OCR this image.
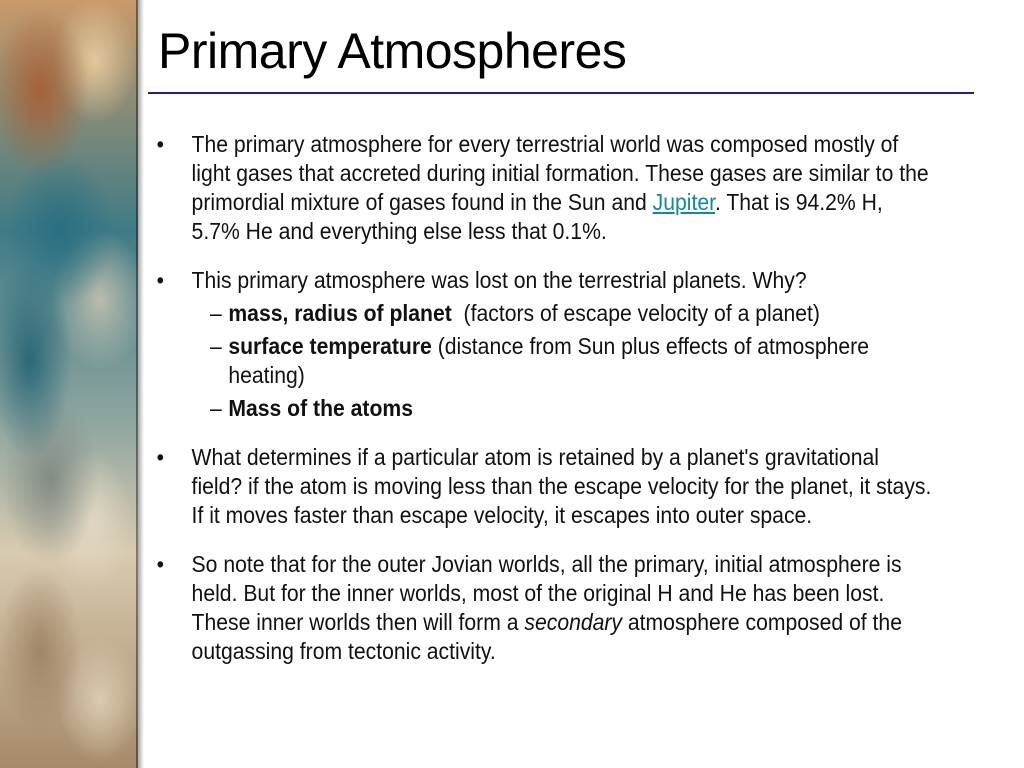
Primary Atmospheres
•	The primary atmosphere for every terrestrial world was composed mostly of light gases that accreted during initial formation. These gases are similar to the primordial mixture of gases found in the Sun and Jupiter. That is 94.2% H, 5.7% He and everything else less that 0.1%.
•	This primary atmosphere was lost on the terrestrial planets. Why?
– mass, radius of planet  (factors of escape velocity of a planet)
– surface temperature (distance from Sun plus effects of atmosphere heating)
– Mass of the atoms
•	What determines if a particular atom is retained by a planet's gravitational field? if the atom is moving less than the escape velocity for the planet, it stays. If it moves faster than escape velocity, it escapes into outer space.
•	So note that for the outer Jovian worlds, all the primary, initial atmosphere is held. But for the inner worlds, most of the original H and He has been lost. These inner worlds then will form a secondary atmosphere composed of the outgassing from tectonic activity.
